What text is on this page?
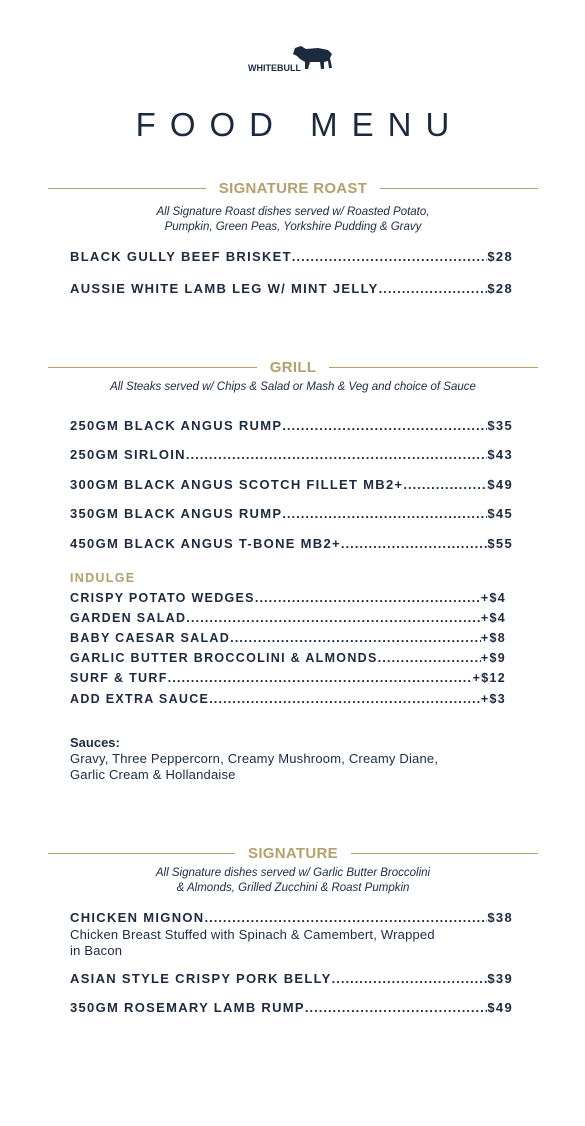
WHITEBULL
FOOD MENU
SIGNATURE ROAST
All Signature Roast dishes served w/ Roasted Potato,
Pumpkin, Green Peas, Yorkshire Pudding & Gravy
BLACK GULLY BEEF BRISKET .....	$28
AUSSIE WHITE LAMB LEG W/ MINT JELLY .....	$28
GRILL
All Steaks served w/ Chips & Salad or Mash & Veg and choice of Sauce
250GM BLACK ANGUS RUMP .....	$35
250GM SIRLOIN .....	$43
300GM BLACK ANGUS SCOTCH FILLET MB2+ .....	$49
350GM BLACK ANGUS RUMP .....	$45
450GM BLACK ANGUS T-BONE MB2+ .....	$55
INDULGE
CRISPY POTATO WEDGES .....	+$4
GARDEN SALAD .....	+$4
BABY CAESAR SALAD .....	+$8
GARLIC BUTTER BROCCOLINI & ALMONDS .....	+$9
SURF & TURF .....	+$12
ADD EXTRA SAUCE .....	+$3
Sauces:
Gravy, Three Peppercorn, Creamy Mushroom, Creamy Diane,
Garlic Cream & Hollandaise
SIGNATURE
All Signature dishes served w/ Garlic Butter Broccolini
& Almonds, Grilled Zucchini & Roast Pumpkin
CHICKEN MIGNON .....	$38
Chicken Breast Stuffed with Spinach & Camembert, Wrapped
in Bacon
ASIAN STYLE CRISPY PORK BELLY .....	$39
350GM ROSEMARY LAMB RUMP .....	$49
